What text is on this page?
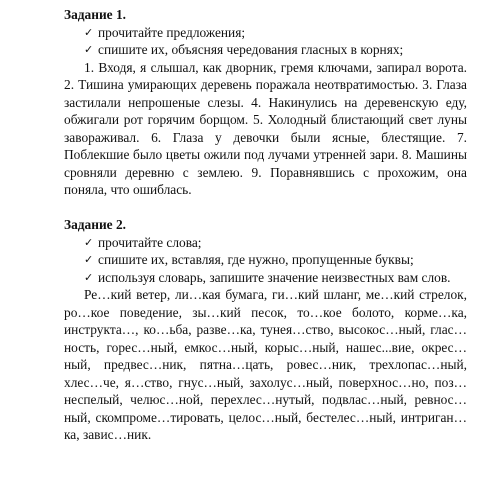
Задание 1.

✓ прочитайте предложения;
✓ спишите их, объясняя чередования гласных в корнях;

1. Входя, я слышал, как дворник, гремя ключами, запирал ворота. 2. Тишина умирающих деревень поражала неотвратимостью. 3. Глаза застилали непрошеные слезы. 4. Накинулись на деревенскую еду, обжигали рот горячим борщом. 5. Холодный блистающий свет луны завораживал. 6. Глаза у девочки были ясные, блестящие. 7. Поблекшие было цветы ожили под лучами утренней зари. 8. Машины сровняли деревню с землею. 9. Поравнявшись с прохожим, она поняла, что ошиблась.

Задание 2.

✓ прочитайте слова;
✓ спишите их, вставляя, где нужно, пропущенные буквы;
✓ используя словарь, запишите значение неизвестных вам слов.

Ре…кий ветер, ли…кая бумага, ги…кий шланг, ме…кий стрелок, ро…кое поведение, зы…кий песок, то…кое болото, корме…ка, инструкта…, ко…ьба, разве…ка, тунея…ство, высокос…ный, глас…ность, горес…ный, емкос…ный, корыс…ный, нашес...вие, окрес…ный, предвес…ник, пятна…цать, ровес…ник, трехлопас…ный, хлес…че, я…ство, гнус…ный, захолус…ный, поверхнос…но, поз…неспелый, челюс…ной, перехлес…нутый, подвлас…ный, ревнос…ный, скомпроме…тировать, целос…ный, бестелес…ный, интриган…ка, завис…ник.
